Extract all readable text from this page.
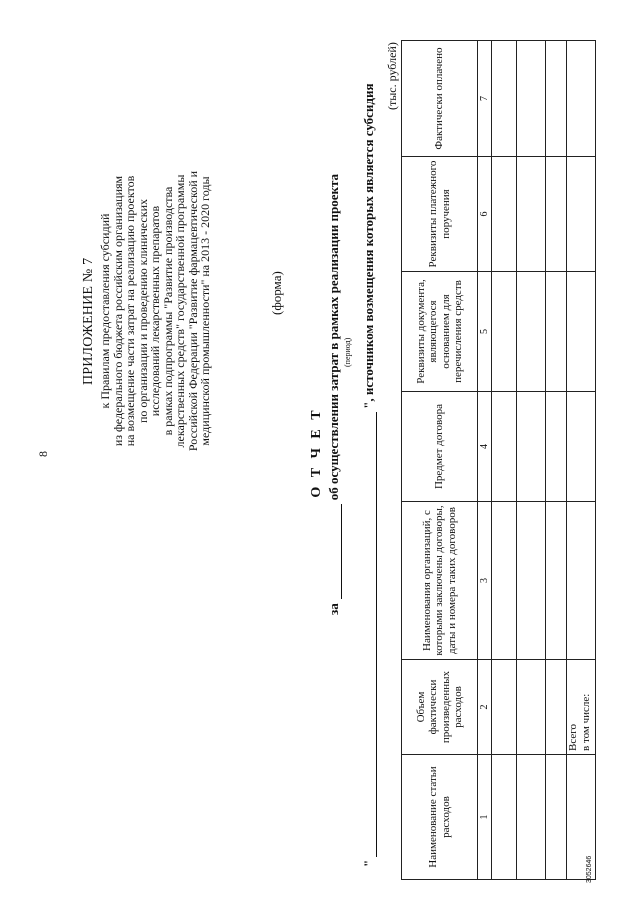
8
ПРИЛОЖЕНИЕ № 7 к Правилам предоставления субсидий
из федерального бюджета российским организациям
на возмещение части затрат на реализацию проектов
по организации и проведению клинических
исследований лекарственных препаратов
в рамках подпрограммы "Развитие производства
лекарственных средств" государственной программы
Российской Федерации "Развитие фармацевтической и
медицинской промышленности" на 2013 - 2020 годы	(форма)
О Т Ч Е Т
заоб осуществлении затрат в рамках реализации проекта (период)
"", источником возмещения которых является субсидия
(тыс. рублей)
Наименование статьи расходов	Объем фактически произведенных расходов	Наименования организаций, с которыми заключены договоры, даты и номера таких договоров	Предмет договора	Реквизиты документа, являющегося основанием для перечисления средств	Реквизиты платежного поручения	Фактически оплачено
1	2	3	4	5	6	7

	Всего в том числе:					

3052646
